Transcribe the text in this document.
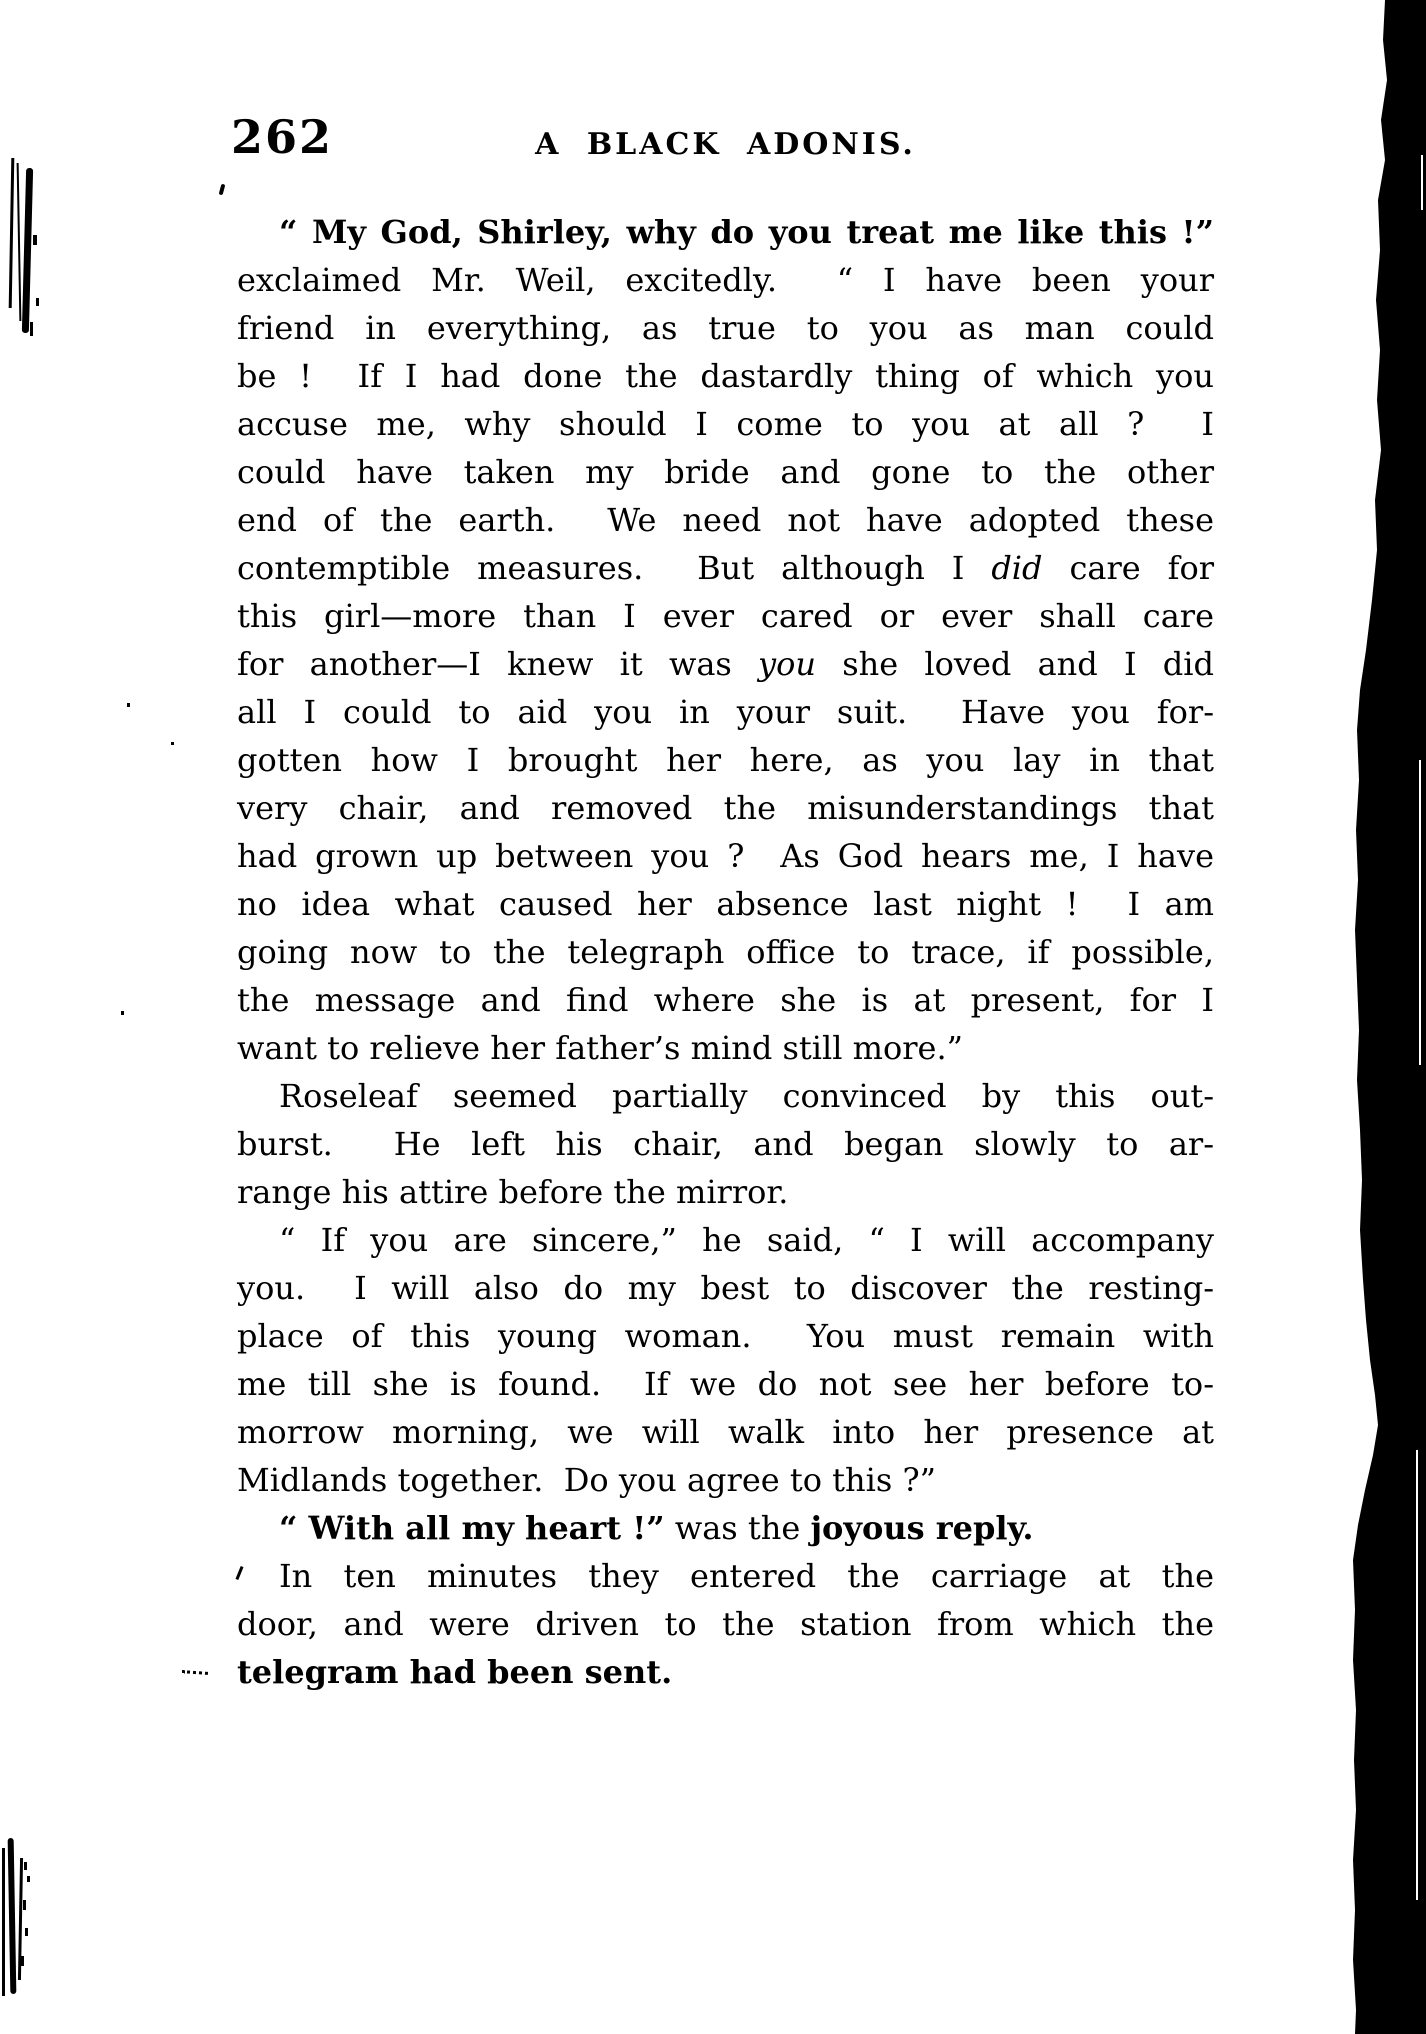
262	A BLACK ADONIS.
“ My God, Shirley, why do you treat me like this !”
exclaimed Mr. Weil, excitedly.  “ I have been your
friend in everything, as true to you as man could
be !  If I had done the dastardly thing of which you
accuse me, why should I come to you at all ?  I
could have taken my bride and gone to the other
end of the earth.  We need not have adopted these
contemptible measures.  But although I did care for
this girl—more than I ever cared or ever shall care
for another—I knew it was you she loved and I did
all I could to aid you in your suit.  Have you for-
gotten how I brought her here, as you lay in that
very chair, and removed the misunderstandings that
had grown up between you ?  As God hears me, I have
no idea what caused her absence last night !  I am
going now to the telegraph office to trace, if possible,
the message and find where she is at present, for I
want to relieve her father’s mind still more.”
Roseleaf seemed partially convinced by this out-
burst.  He left his chair, and began slowly to ar-
range his attire before the mirror.
“ If you are sincere,” he said, “ I will accompany
you.  I will also do my best to discover the resting-
place of this young woman.  You must remain with
me till she is found.  If we do not see her before to-
morrow morning, we will walk into her presence at
Midlands together.  Do you agree to this ?”
“ With all my heart !” was the joyous reply.
In ten minutes they entered the carriage at the
door, and were driven to the station from which the
telegram had been sent.
